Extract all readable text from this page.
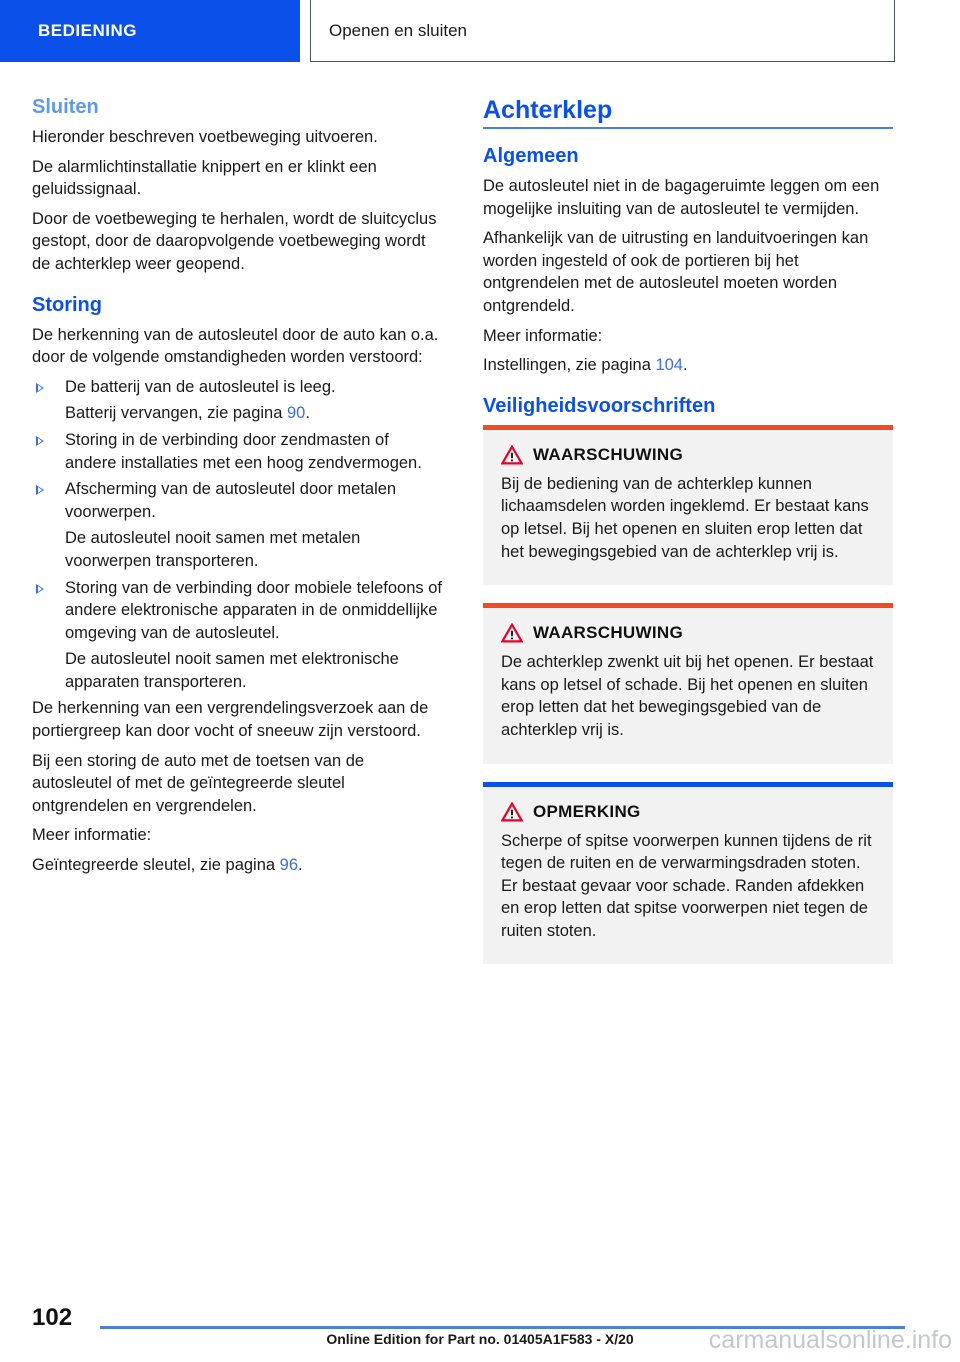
BEDIENING	Openen en sluiten
Sluiten

Hieronder beschreven voetbeweging uitvoeren.

De alarmlichtinstallatie knippert en er klinkt een geluidssignaal.

Door de voetbeweging te herhalen, wordt de sluitcyclus gestopt, door de daaropvolgende voetbeweging wordt de achterklep weer geopend.

Storing

De herkenning van de autosleutel door de auto kan o.a. door de volgende omstandigheden worden verstoord:

De batterij van de autosleutel is leeg.
Batterij vervangen, zie pagina 90.
Storing in de verbinding door zendmasten of andere installaties met een hoog zendvermogen.
Afscherming van de autosleutel door metalen voorwerpen.
De autosleutel nooit samen met metalen voorwerpen transporteren.
Storing van de verbinding door mobiele telefoons of andere elektronische apparaten in de onmiddellijke omgeving van de autosleutel.
De autosleutel nooit samen met elektronische apparaten transporteren.

De herkenning van een vergrendelingsverzoek aan de portiergreep kan door vocht of sneeuw zijn verstoord.

Bij een storing de auto met de toetsen van de autosleutel of met de geïntegreerde sleutel ontgrendelen en vergrendelen.

Meer informatie:

Geïntegreerde sleutel, zie pagina 96.

Achterklep
Algemeen

De autosleutel niet in de bagageruimte leggen om een mogelijke insluiting van de autosleutel te vermijden.

Afhankelijk van de uitrusting en landuitvoeringen kan worden ingesteld of ook de portieren bij het ontgrendelen met de autosleutel moeten worden ontgrendeld.

Meer informatie:

Instellingen, zie pagina 104.

Veiligheidsvoorschriften
WAARSCHUWING
Bij de bediening van de achterklep kunnen lichaamsdelen worden ingeklemd. Er bestaat kans op letsel. Bij het openen en sluiten erop letten dat het bewegingsgebied van de achterklep vrij is.
WAARSCHUWING
De achterklep zwenkt uit bij het openen. Er bestaat kans op letsel of schade. Bij het openen en sluiten erop letten dat het bewegingsgebied van de achterklep vrij is.
OPMERKING
Scherpe of spitse voorwerpen kunnen tijdens de rit tegen de ruiten en de verwarmingsdraden stoten. Er bestaat gevaar voor schade. Randen afdekken en erop letten dat spitse voorwerpen niet tegen de ruiten stoten.
102
Online Edition for Part no. 01405A1F583 - X/20	carmanualsonline.info
